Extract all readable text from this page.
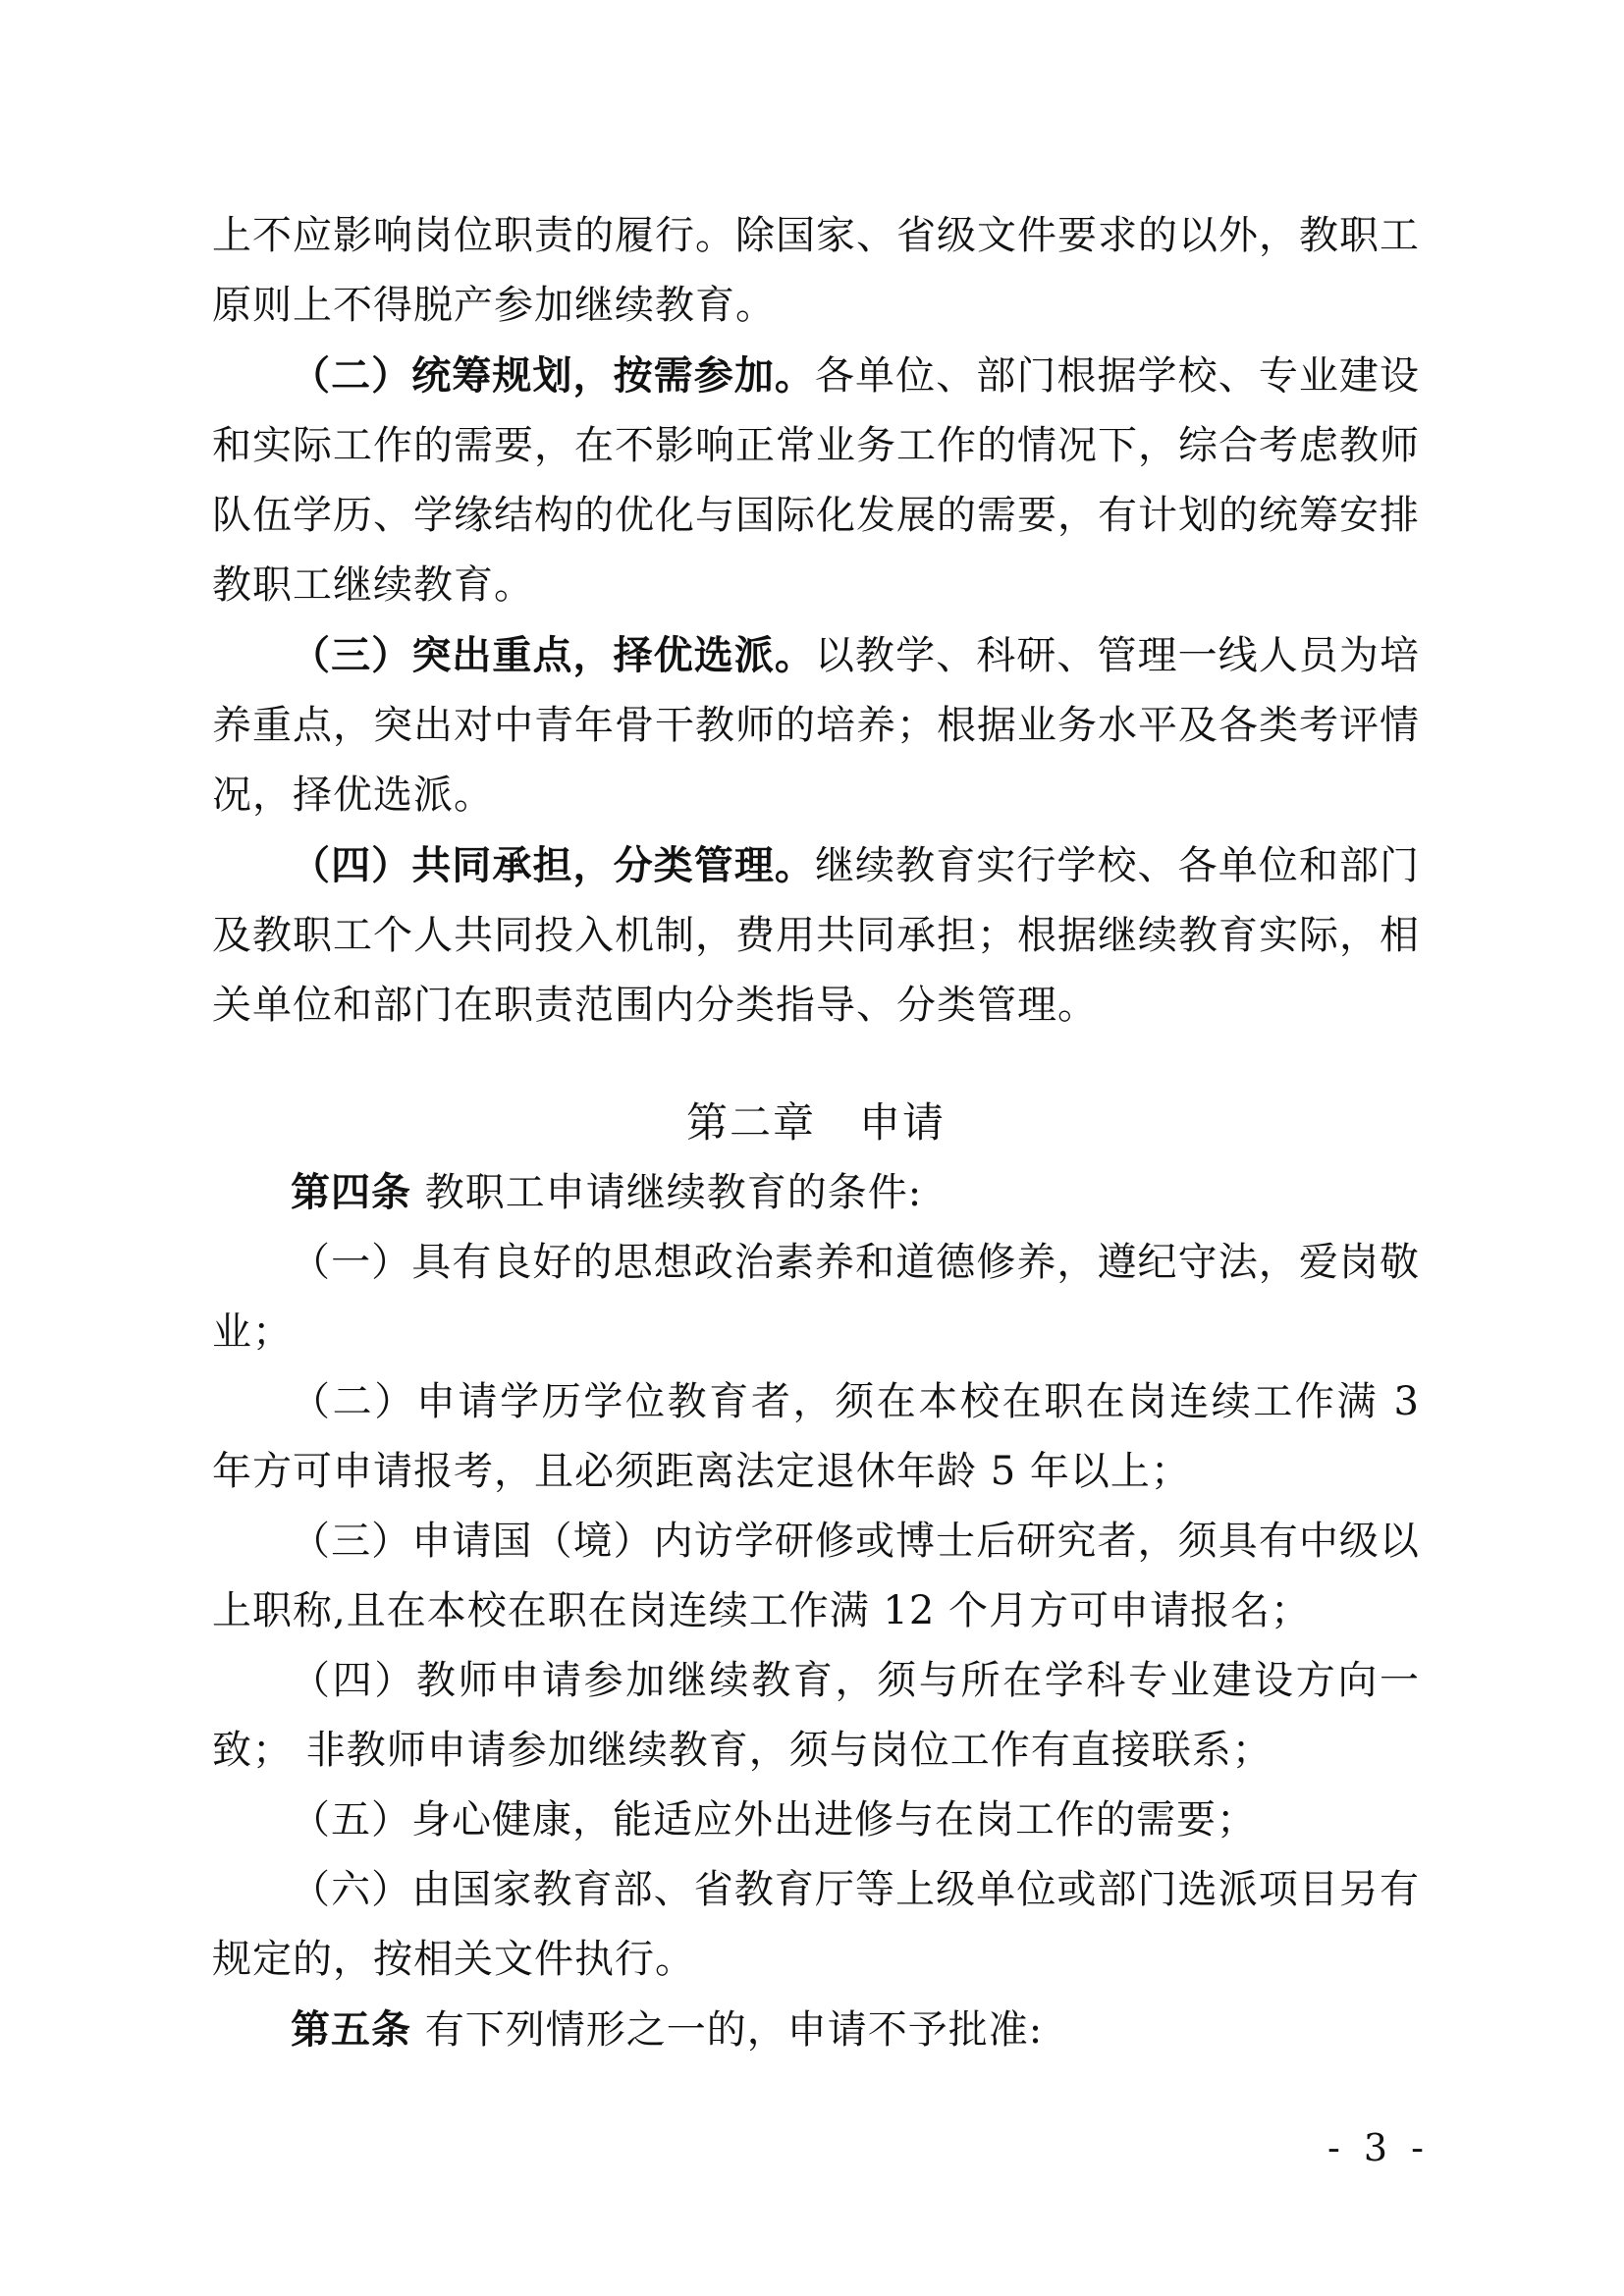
上不应影响岗位职责的履行。除国家、省级文件要求的以外，教职工原则上不得脱产参加继续教育。

（二）统筹规划，按需参加。各单位、部门根据学校、专业建设和实际工作的需要，在不影响正常业务工作的情况下，综合考虑教师队伍学历、学缘结构的优化与国际化发展的需要，有计划的统筹安排教职工继续教育。

（三）突出重点，择优选派。以教学、科研、管理一线人员为培养重点，突出对中青年骨干教师的培养；根据业务水平及各类考评情况，择优选派。

（四）共同承担，分类管理。继续教育实行学校、各单位和部门及教职工个人共同投入机制，费用共同承担；根据继续教育实际，相关单位和部门在职责范围内分类指导、分类管理。

第二章 申请

第四条 教职工申请继续教育的条件:

（一）具有良好的思想政治素养和道德修养，遵纪守法，爱岗敬业；

（二）申请学历学位教育者，须在本校在职在岗连续工作满 3 年方可申请报考，且必须距离法定退休年龄 5 年以上；

（三）申请国（境）内访学研修或博士后研究者，须具有中级以上职称,且在本校在职在岗连续工作满 12 个月方可申请报名；

（四）教师申请参加继续教育，须与所在学科专业建设方向一致； 非教师申请参加继续教育，须与岗位工作有直接联系；

（五）身心健康，能适应外出进修与在岗工作的需要；

（六）由国家教育部、省教育厅等上级单位或部门选派项目另有规定的，按相关文件执行。

第五条 有下列情形之一的，申请不予批准:

- 3 -
